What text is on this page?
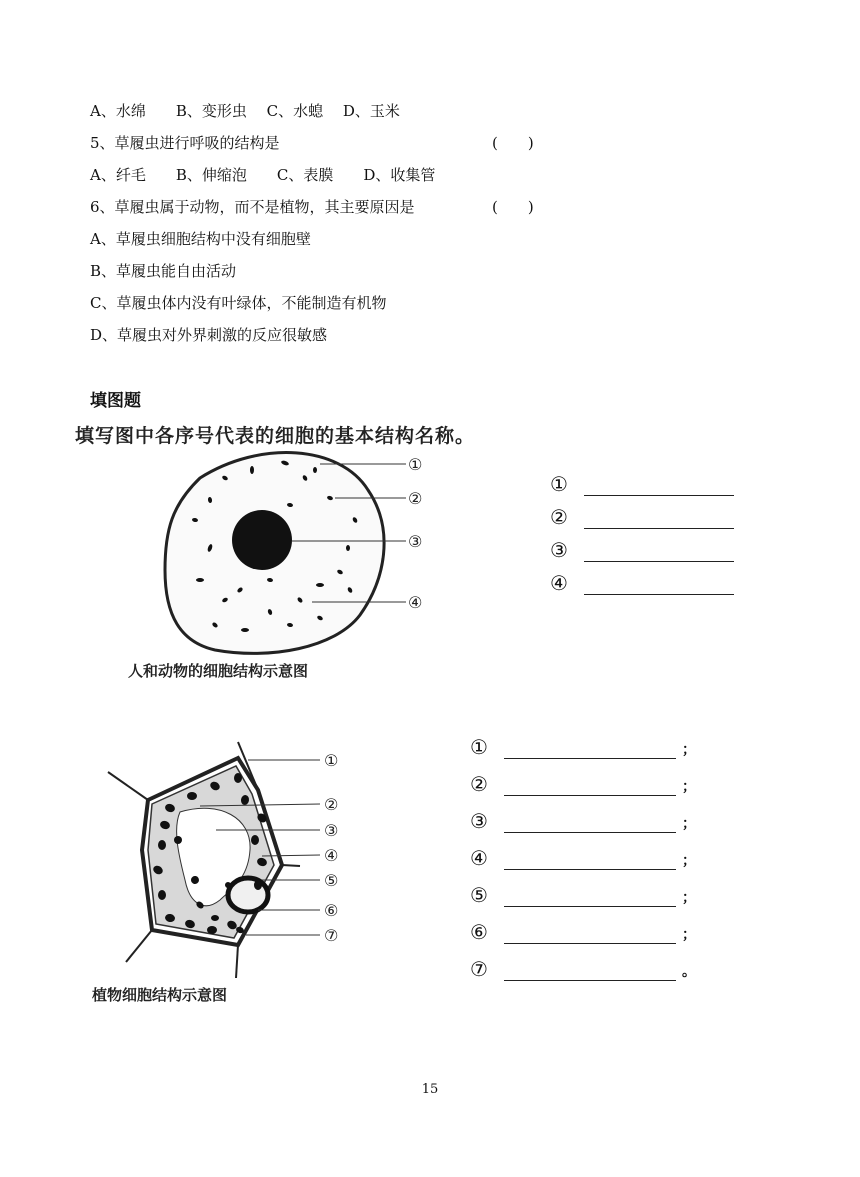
A、水绵　　B、变形虫　 C、水螅　 D、玉米
5、草履虫进行呼吸的结构是	(　　)
A、纤毛　　B、伸缩泡　　C、表膜　　D、收集管
6、草履虫属于动物，而不是植物，其主要原因是	(　　)
A、草履虫细胞结构中没有细胞壁
B、草履虫能自由活动
C、草履虫体内没有叶绿体，不能制造有机物
D、草履虫对外界刺激的反应很敏感
填图题
填写图中各序号代表的细胞的基本结构名称。
①
②
③
④
人和动物的细胞结构示意图
①
②
③
④
①
②
③
④
⑤
⑥
⑦
植物细胞结构示意图
①	；
②	；
③	；
④	；
⑤	；
⑥	；
⑦	。
15
